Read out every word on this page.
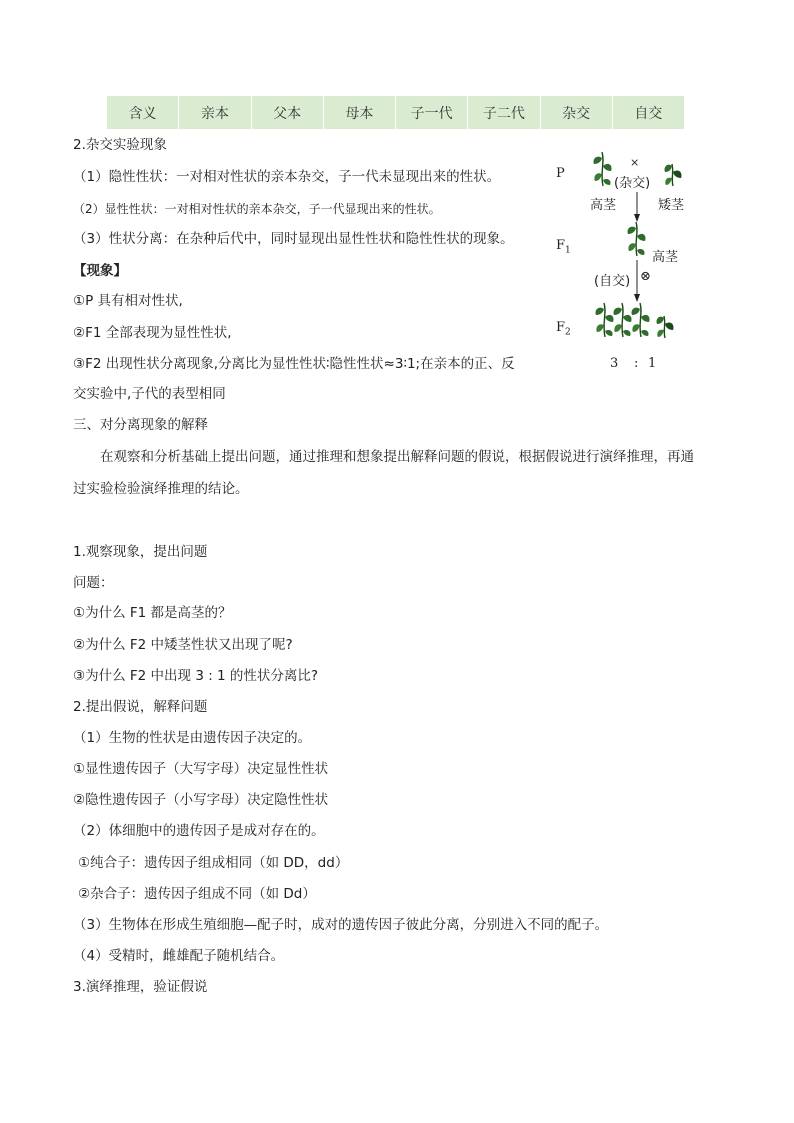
含义	亲本	父本	母本	子一代	子二代	杂交	自交
2.杂交实验现象
（1）隐性性状：一对相对性状的亲本杂交，子一代未显现出来的性状。
（2）显性性状：一对相对性状的亲本杂交，子一代显现出来的性状。
（3）性状分离：在杂种后代中，同时显现出显性性状和隐性性状的现象。
【现象】
①P 具有相对性状,
②F1 全部表现为显性性状,
③F2 出现性状分离现象,分离比为显性性状∶隐性性状≈3∶1;在亲本的正、反
交实验中,子代的表型相同
三、对分离现象的解释
在观察和分析基础上提出问题，通过推理和想象提出解释问题的假说，根据假说进行演绎推理，再通
过实验检验演绎推理的结论。
1.观察现象，提出问题
问题：
①为什么 F1 都是高茎的？
②为什么 F2 中矮茎性状又出现了呢?
③为什么 F2 中出现 3 : 1 的性状分离比?
2.提出假说，解释问题
（1）生物的性状是由遗传因子决定的。
①显性遗传因子（大写字母）决定显性性状
②隐性遗传因子（小写字母）决定隐性性状
（2）体细胞中的遗传因子是成对存在的。
①纯合子：遗传因子组成相同（如 DD，dd）
②杂合子：遗传因子组成不同（如 Dd）
（3）生物体在形成生殖细胞—配子时，成对的遗传因子彼此分离，分别进入不同的配子。
（4）受精时，雌雄配子随机结合。
3.演绎推理，验证假说
P
×
(杂交)
高茎	矮茎
$F_1$	高茎
(自交) ⊗
$F_2$
3 : 1
